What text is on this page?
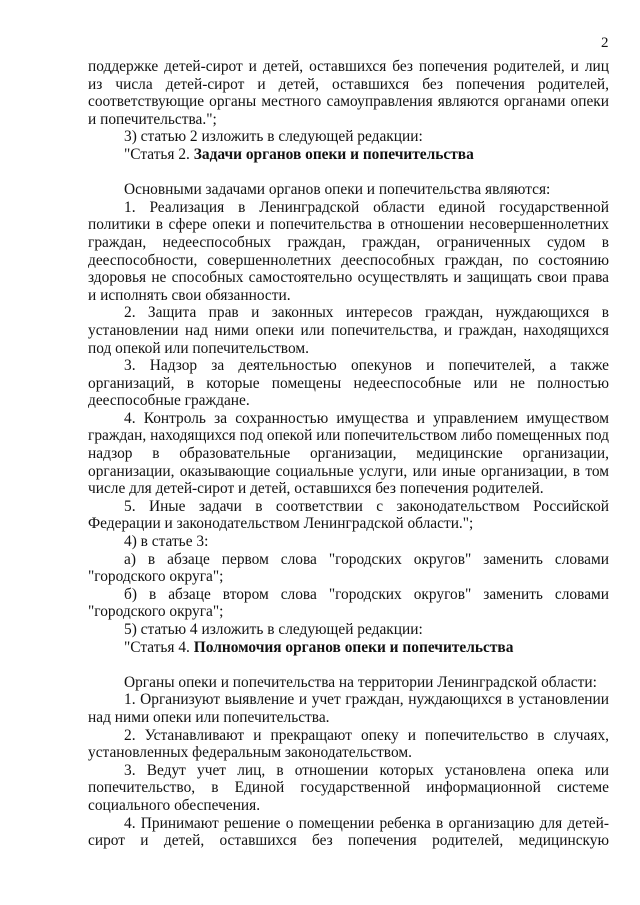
2

поддержке детей-сирот и детей, оставшихся без попечения родителей, и лиц

из числа детей-сирот и детей, оставшихся без попечения родителей,

соответствующие органы местного самоуправления являются органами опеки

и попечительства.";

3) статью 2 изложить в следующей редакции:

"Статья 2. Задачи органов опеки и попечительства

Основными задачами органов опеки и попечительства являются:

1. Реализация в Ленинградской области единой государственной политики в сфере опеки и попечительства в отношении несовершеннолетних граждан, недееспособных граждан, граждан, ограниченных судом в дееспособности, совершеннолетних дееспособных граждан, по состоянию здоровья не способных самостоятельно осуществлять и защищать свои права и исполнять свои обязанности.

2. Защита прав и законных интересов граждан, нуждающихся в установлении над ними опеки или попечительства, и граждан, находящихся под опекой или попечительством.

3. Надзор за деятельностью опекунов и попечителей, а также организаций, в которые помещены недееспособные или не полностью дееспособные граждане.

4. Контроль за сохранностью имущества и управлением имуществом граждан, находящихся под опекой или попечительством либо помещенных под надзор в образовательные организации, медицинские организации, организации, оказывающие социальные услуги, или иные организации, в том числе для детей-сирот и детей, оставшихся без попечения родителей.

5. Иные задачи в соответствии с законодательством Российской Федерации и законодательством Ленинградской области.";

4) в статье 3:

а) в абзаце первом слова "городских округов" заменить словами "городского округа";

б) в абзаце втором слова "городских округов" заменить словами "городского округа";

5) статью 4 изложить в следующей редакции:

"Статья 4. Полномочия органов опеки и попечительства

Органы опеки и попечительства на территории Ленинградской области:

1. Организуют выявление и учет граждан, нуждающихся в установлении над ними опеки или попечительства.

2. Устанавливают и прекращают опеку и попечительство в случаях, установленных федеральным законодательством.

3. Ведут учет лиц, в отношении которых установлена опека или попечительство, в Единой государственной информационной системе социального обеспечения.

4. Принимают решение о помещении ребенка в организацию для детей-сирот и детей, оставшихся без попечения родителей, медицинскую
